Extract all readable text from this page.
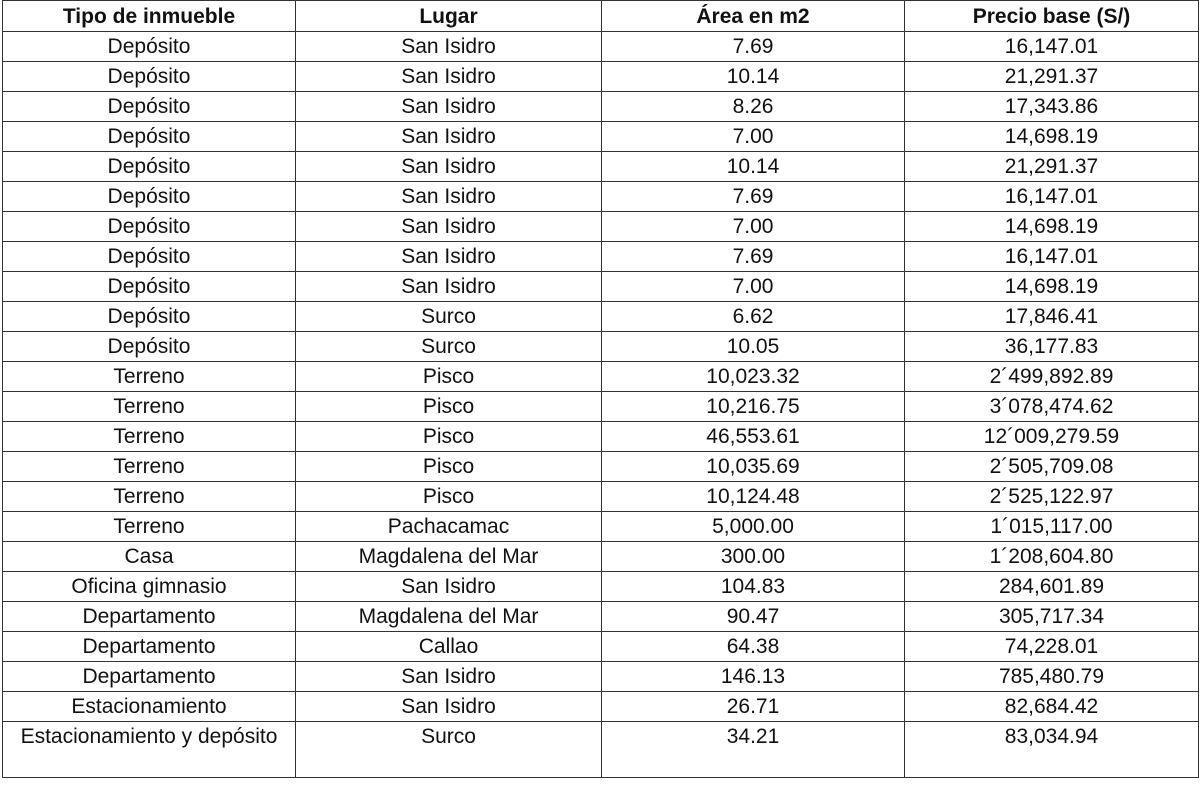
Tipo de inmueble	Lugar	Área en m2	Precio base (S/)
Depósito	San Isidro	7.69	16,147.01
Depósito	San Isidro	10.14	21,291.37
Depósito	San Isidro	8.26	17,343.86
Depósito	San Isidro	7.00	14,698.19
Depósito	San Isidro	10.14	21,291.37
Depósito	San Isidro	7.69	16,147.01
Depósito	San Isidro	7.00	14,698.19
Depósito	San Isidro	7.69	16,147.01
Depósito	San Isidro	7.00	14,698.19
Depósito	Surco	6.62	17,846.41
Depósito	Surco	10.05	36,177.83
Terreno	Pisco	10,023.32	2´499,892.89
Terreno	Pisco	10,216.75	3´078,474.62
Terreno	Pisco	46,553.61	12´009,279.59
Terreno	Pisco	10,035.69	2´505,709.08
Terreno	Pisco	10,124.48	2´525,122.97
Terreno	Pachacamac	5,000.00	1´015,117.00
Casa	Magdalena del Mar	300.00	1´208,604.80
Oficina gimnasio	San Isidro	104.83	284,601.89
Departamento	Magdalena del Mar	90.47	305,717.34
Departamento	Callao	64.38	74,228.01
Departamento	San Isidro	146.13	785,480.79
Estacionamiento	San Isidro	26.71	82,684.42
Estacionamiento y depósito	Surco	34.21	83,034.94
